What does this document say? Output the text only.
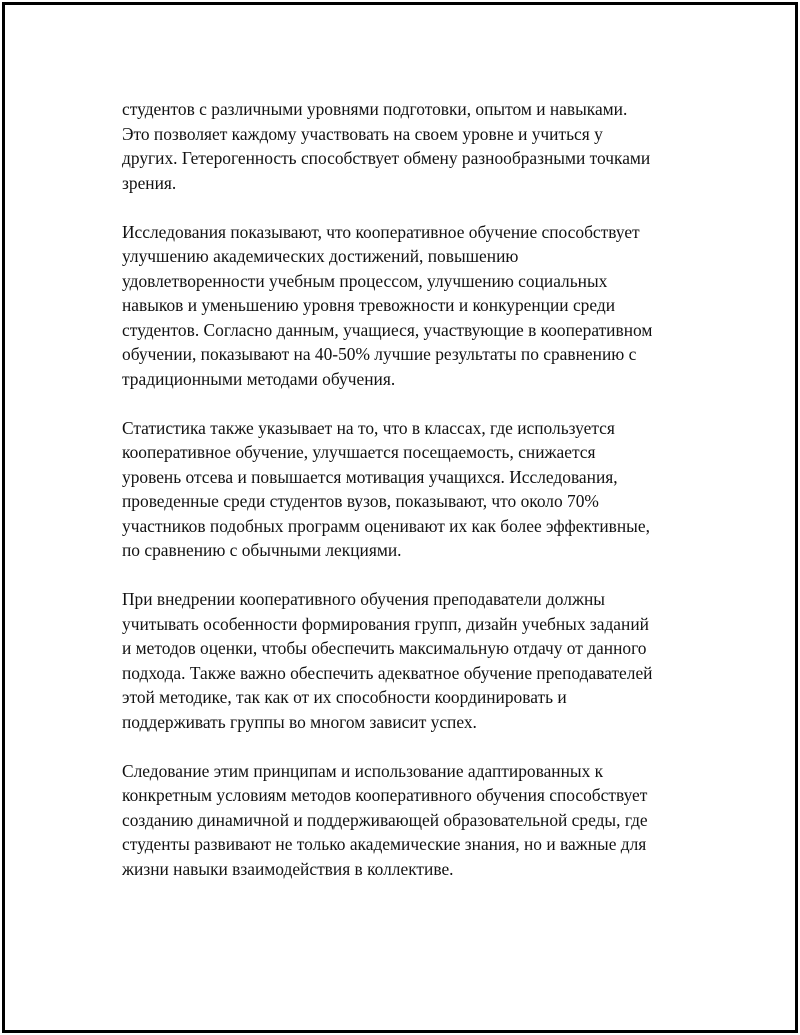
студентов с различными уровнями подготовки, опытом и навыками.
Это позволяет каждому участвовать на своем уровне и учиться у
других. Гетерогенность способствует обмену разнообразными точками
зрения.

Исследования показывают, что кооперативное обучение способствует
улучшению академических достижений, повышению
удовлетворенности учебным процессом, улучшению социальных
навыков и уменьшению уровня тревожности и конкуренции среди
студентов. Согласно данным, учащиеся, участвующие в кооперативном
обучении, показывают на 40-50% лучшие результаты по сравнению с
традиционными методами обучения.

Статистика также указывает на то, что в классах, где используется
кооперативное обучение, улучшается посещаемость, снижается
уровень отсева и повышается мотивация учащихся. Исследования,
проведенные среди студентов вузов, показывают, что около 70%
участников подобных программ оценивают их как более эффективные,
по сравнению с обычными лекциями.

При внедрении кооперативного обучения преподаватели должны
учитывать особенности формирования групп, дизайн учебных заданий
и методов оценки, чтобы обеспечить максимальную отдачу от данного
подхода. Также важно обеспечить адекватное обучение преподавателей
этой методике, так как от их способности координировать и
поддерживать группы во многом зависит успех.

Следование этим принципам и использование адаптированных к
конкретным условиям методов кооперативного обучения способствует
созданию динамичной и поддерживающей образовательной среды, где
студенты развивают не только академические знания, но и важные для
жизни навыки взаимодействия в коллективе.
